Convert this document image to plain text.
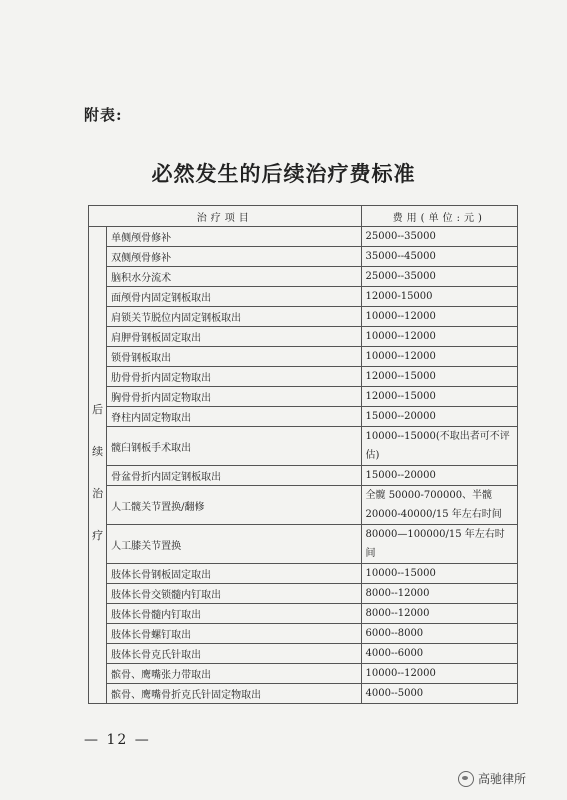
附表:
必然发生的后续治疗费标准
治疗项目		费用(单位:元)

后
续
治
疗	单侧颅骨修补	25000--35000
	双侧颅骨修补	35000--45000
	脑积水分流术	25000--35000
	面颅骨内固定钢板取出	12000-15000
	肩锁关节脱位内固定钢板取出	10000--12000
	肩胛骨钢板固定取出	10000--12000
	锁骨钢板取出	10000--12000
	肋骨骨折内固定物取出	12000--15000
	胸骨骨折内固定物取出	12000--15000
	脊柱内固定物取出	15000--20000
	髋臼钢板手术取出	10000--15000(不取出者可不评估)
	骨盆骨折内固定钢板取出	15000--20000
	人工髋关节置换/翻修	全髋 50000-700000、半髋 20000-40000/15 年左右时间
	人工膝关节置换	80000—100000/15 年左右时间
	肢体长骨钢板固定取出	10000--15000
	肢体长骨交锁髓内钉取出	8000--12000
	肢体长骨髓内钉取出	8000--12000
	肢体长骨螺钉取出	6000--8000
	肢体长骨克氏针取出	4000--6000
	髌骨、鹰嘴张力带取出	10000--12000
	髌骨、鹰嘴骨折克氏针固定物取出	4000--5000
— 12 —
高驰律所
